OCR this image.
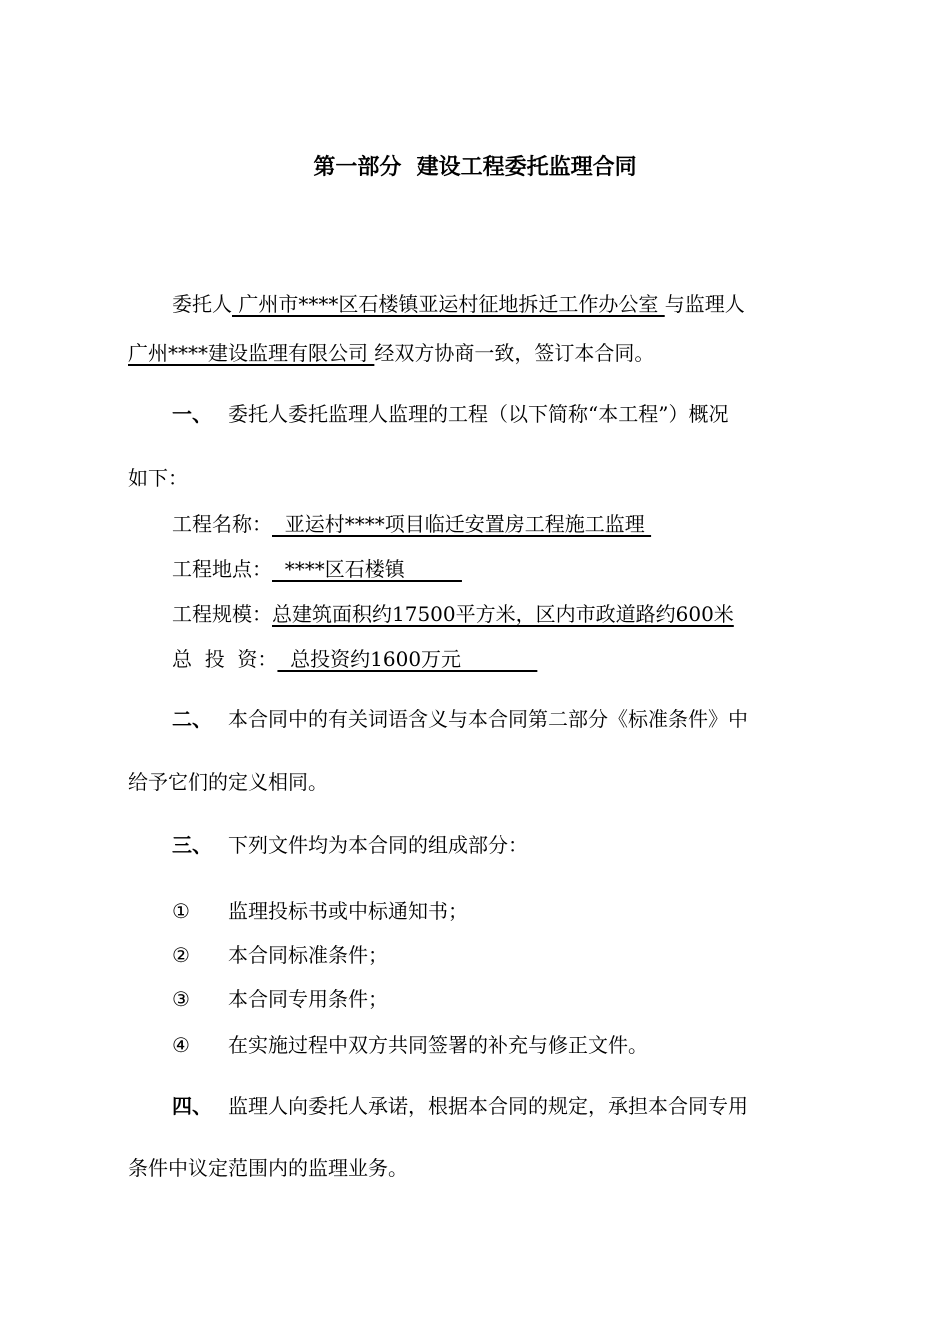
第一部分  建设工程委托监理合同
委托人 广州市****区石楼镇亚运村征地拆迁工作办公室 与监理人
广州****建设监理有限公司 经双方协商一致，签订本合同。
一、 委托人委托监理人监理的工程（以下简称“本工程”）概况
如下：
工程名称：  亚运村****项目临迁安置房工程施工监理
工程地点：  ****区石楼镇
工程规模：总建筑面积约17500平方米，区内市政道路约600米
总  投  资：  总投资约1600万元
二、 本合同中的有关词语含义与本合同第二部分《标准条件》中
给予它们的定义相同。
三、 下列文件均为本合同的组成部分：
① 监理投标书或中标通知书；
② 本合同标准条件；
③ 本合同专用条件；
④ 在实施过程中双方共同签署的补充与修正文件。
四、 监理人向委托人承诺，根据本合同的规定，承担本合同专用
条件中议定范围内的监理业务。
